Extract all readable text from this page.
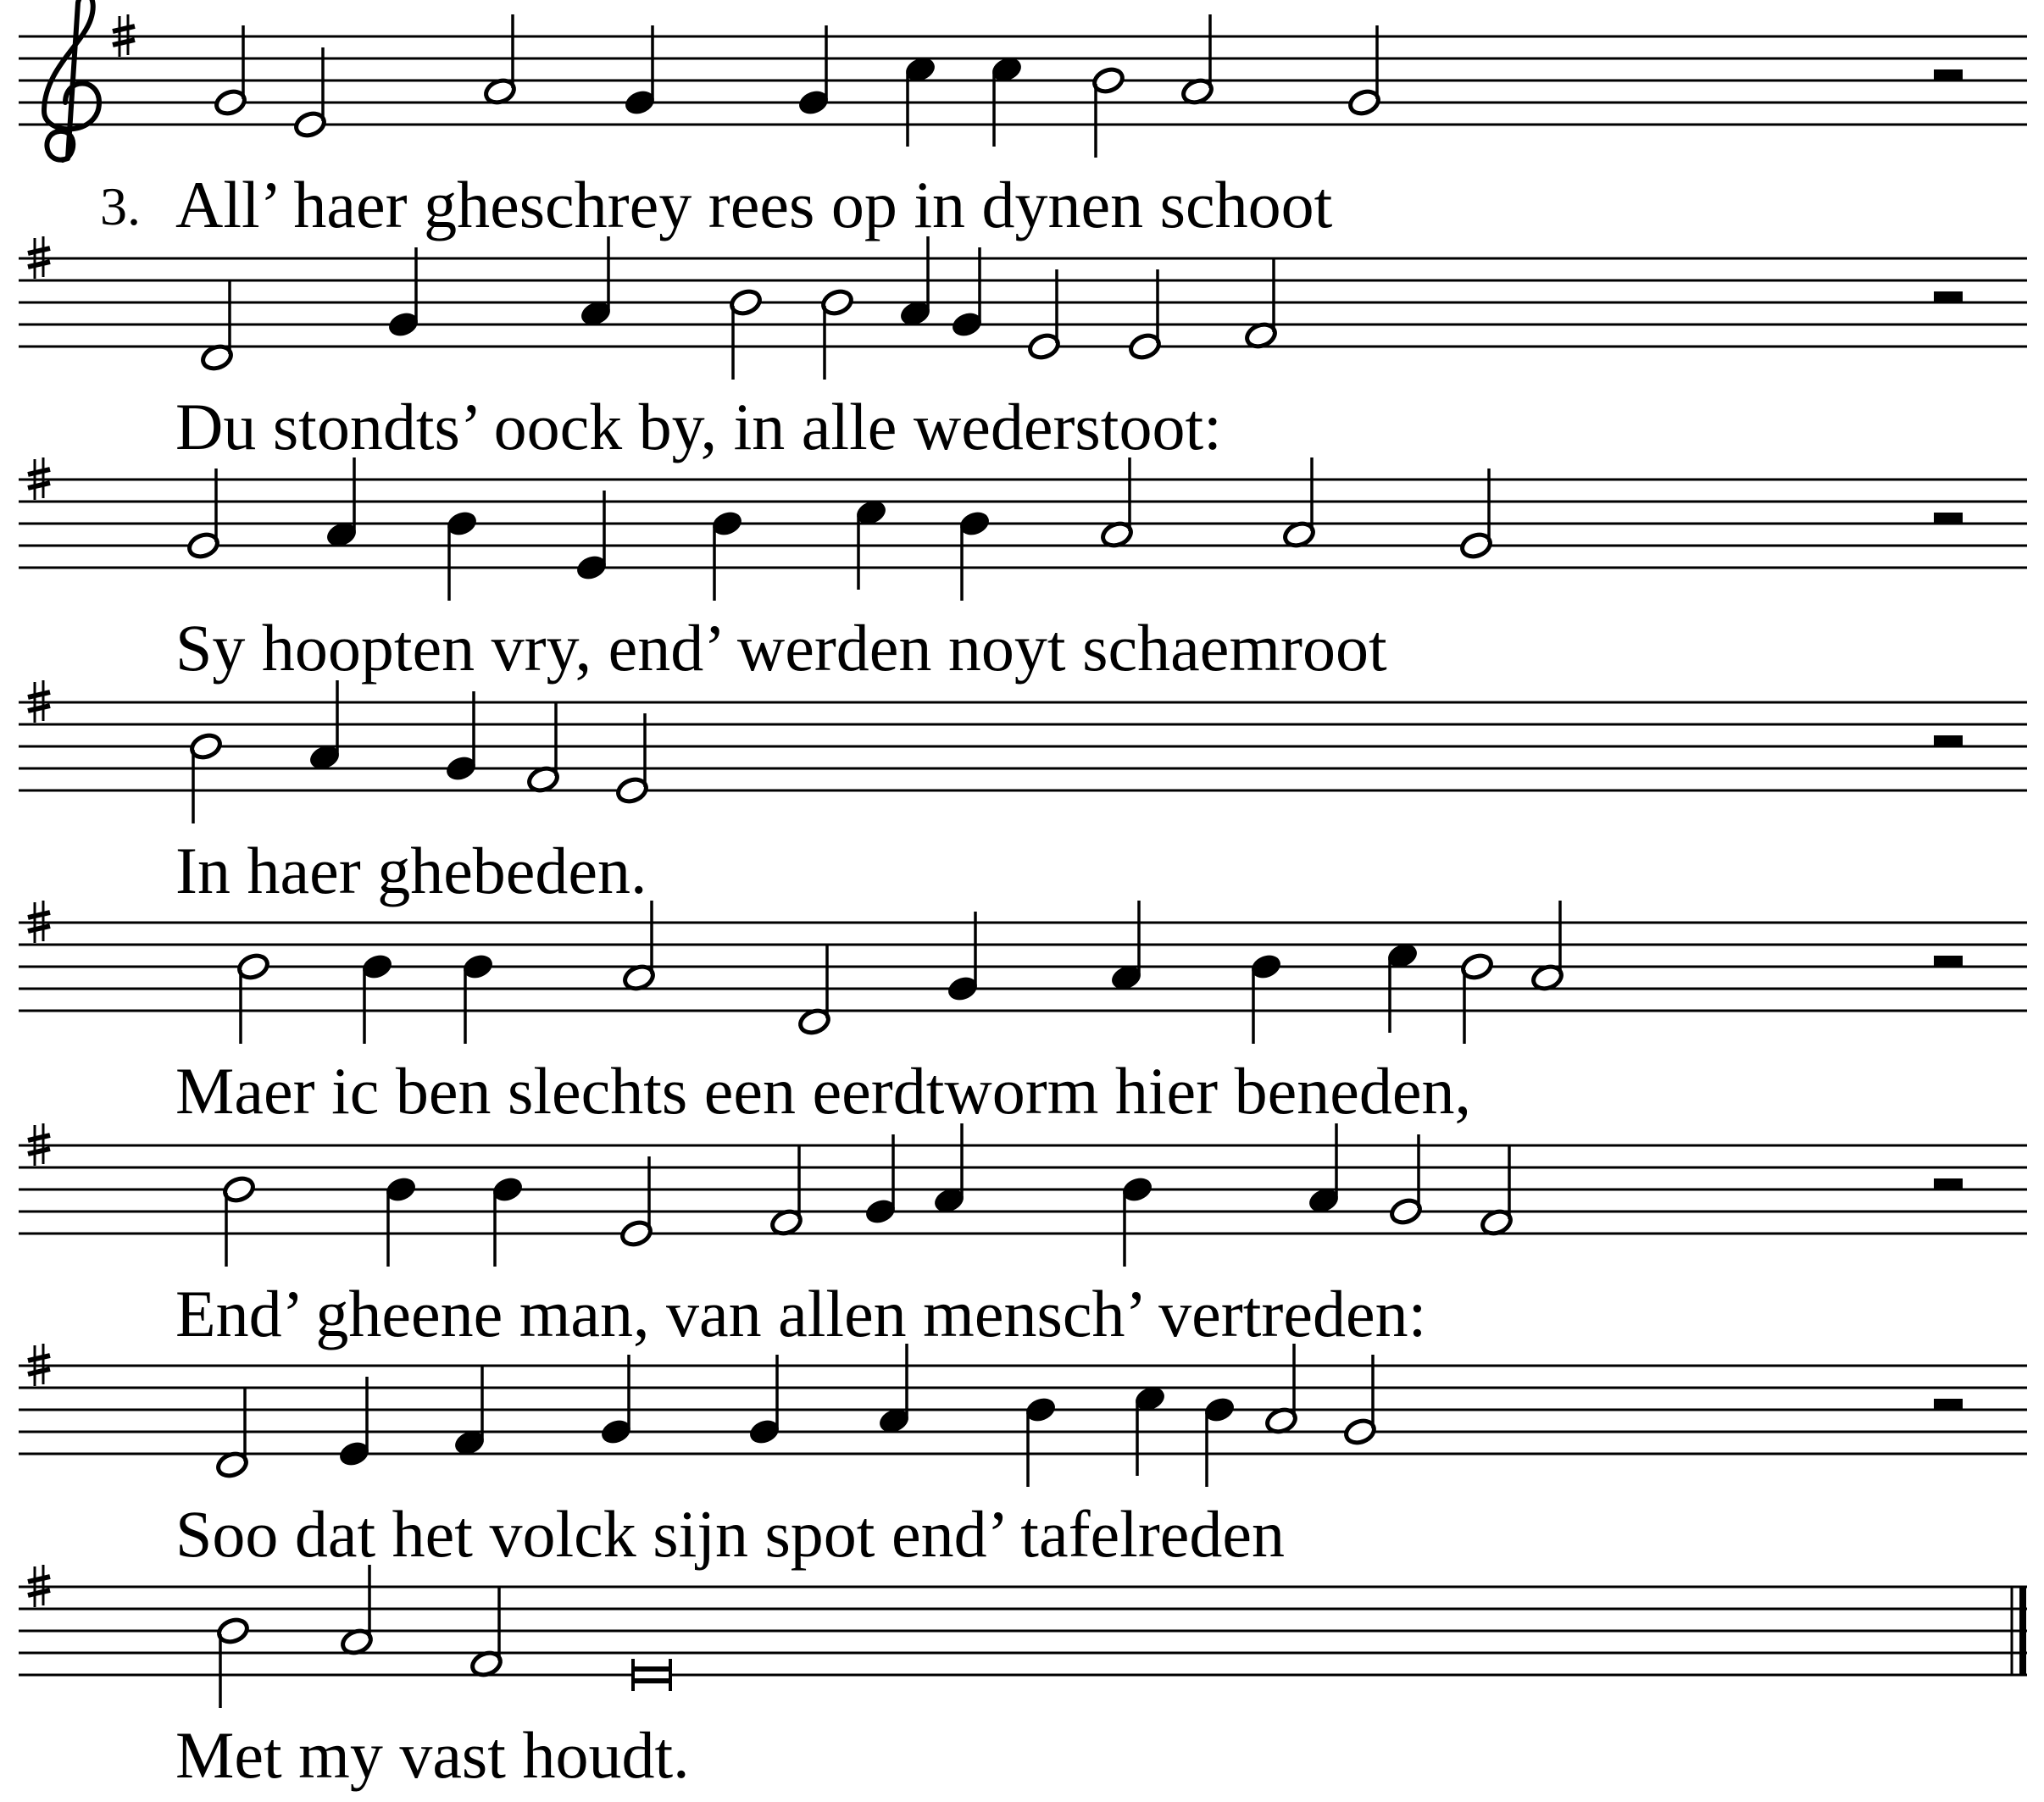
3. All’ haer gheschrey rees op in dynen schoot
Du stondts’ oock by, in alle wederstoot:
Sy hoopten vry, end’ werden noyt schaemroot
In haer ghebeden.
Maer ic ben slechts een eerdtworm hier beneden,
End’ gheene man, van allen mensch’ vertreden:
Soo dat het volck sijn spot end’ tafelreden
Met my vast houdt.
